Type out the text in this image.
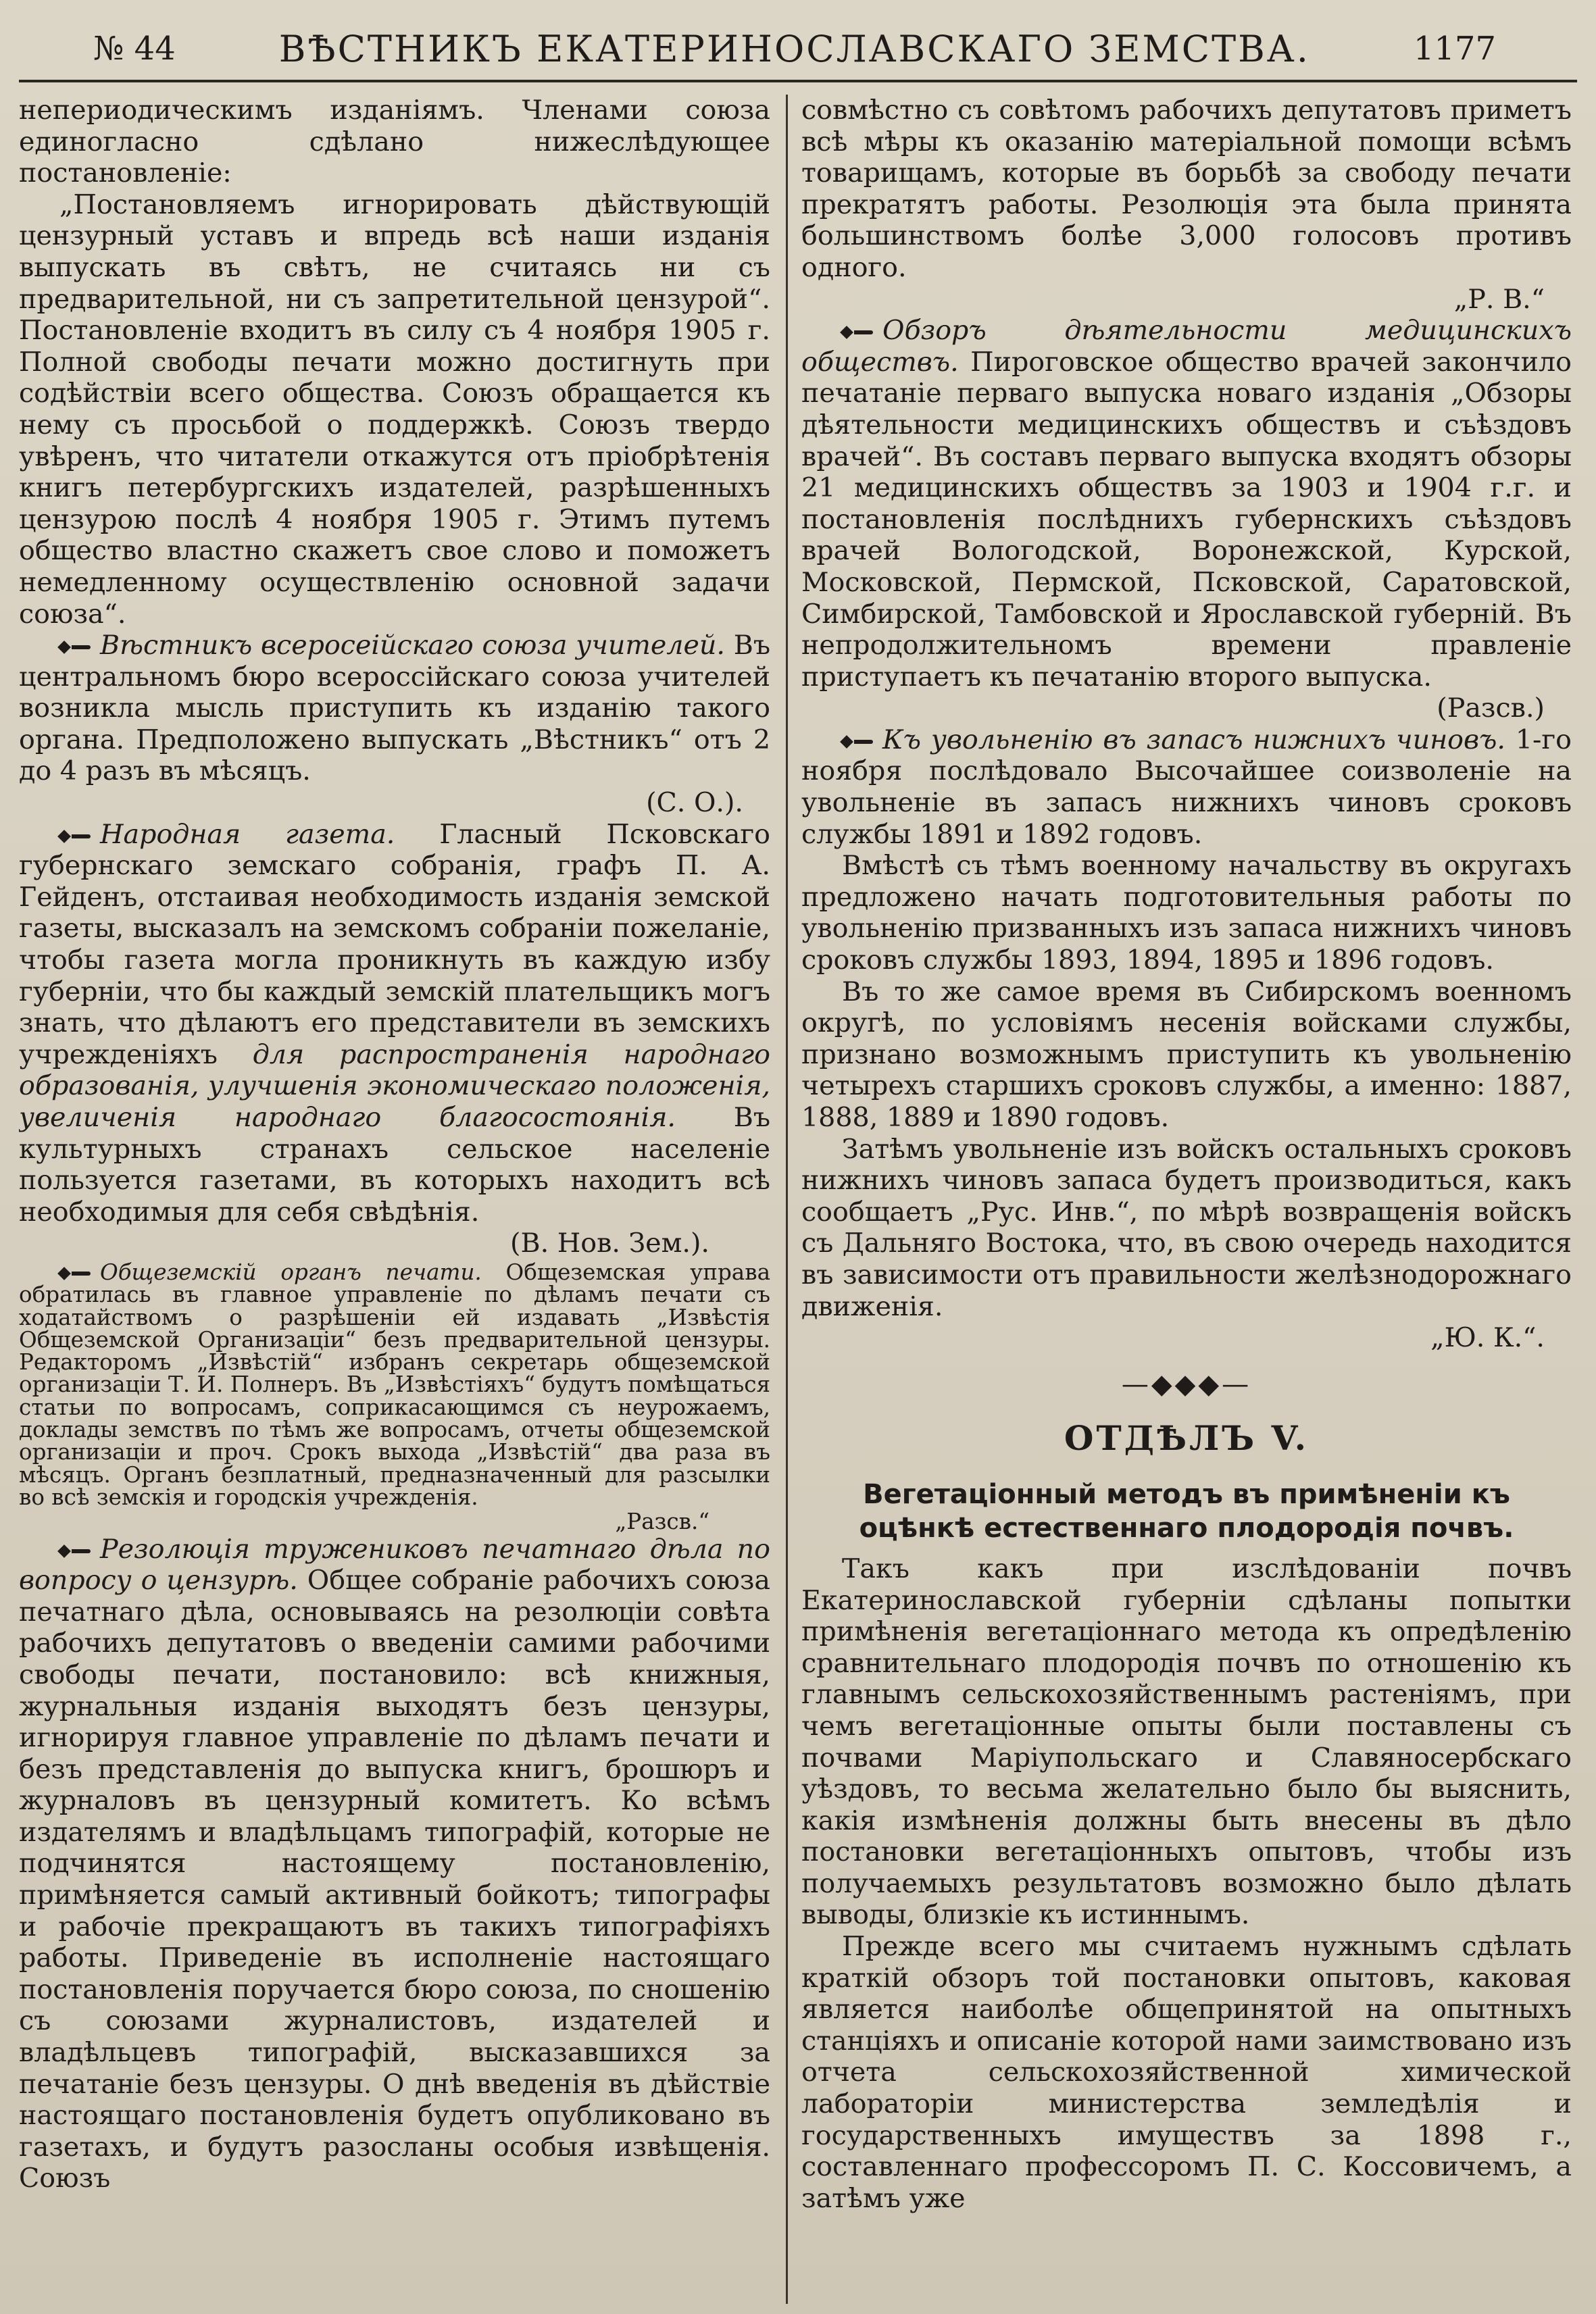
№ 44	ВѢСТНИКЪ ЕКАТЕРИНОСЛАВСКАГО ЗЕМСТВА.	1177

непериодическимъ изданіямъ. Членами союза единогласно сдѣлано нижеслѣдующее постановленіе:

„Постановляемъ игнорировать дѣйствующій цензурный уставъ и впредь всѣ наши изданія выпускать въ свѣтъ, не считаясь ни съ предварительной, ни съ запретительной цензурой“. Постановленіе входитъ въ силу съ 4 ноября 1905 г. Полной свободы печати можно достигнуть при содѣйствіи всего общества. Союзъ обращается къ нему съ просьбой о поддержкѣ. Союзъ твердо увѣренъ, что читатели откажутся отъ пріобрѣтенія книгъ петербургскихъ издателей, разрѣшенныхъ цензурою послѣ 4 ноября 1905 г. Этимъ путемъ общество властно скажетъ свое слово и поможетъ немедленному осуществленію основной задачи союза“.

Вѣстникъ всеросеійскаго союза учителей. Въ центральномъ бюро всероссійскаго союза учителей возникла мысль приступить къ изданію такого органа. Предположено выпускать „Вѣстникъ“ отъ 2 до 4 разъ въ мѣсяцъ.

(С. О.).

Народная газета. Гласный Псковскаго губернскаго земскаго собранія, графъ П. А. Гейденъ, отстаивая необходимость изданія земской газеты, высказалъ на земскомъ собраніи пожеланіе, чтобы газета могла проникнуть въ каждую избу губерніи, что бы каждый земскій плательщикъ могъ знать, что дѣлаютъ его представители въ земскихъ учрежденіяхъ для распространенія народнаго образованія, улучшенія экономическаго положенія, увеличенія народнаго благосостоянія. Въ культурныхъ странахъ сельское населеніе пользуется газетами, въ которыхъ находитъ всѣ необходимыя для себя свѣдѣнія.

(В. Нов. Зем.).

Общеземскій органъ печати. Общеземская управа обратилась въ главное управленіе по дѣламъ печати съ ходатайствомъ о разрѣшеніи ей издавать „Извѣстія Общеземской Организаціи“ безъ предварительной цензуры. Редакторомъ „Извѣстій“ избранъ секретарь общеземской организаціи Т. И. Полнеръ. Въ „Извѣстіяхъ“ будутъ помѣщаться статьи по вопросамъ, соприкасающимся съ неурожаемъ, доклады земствъ по тѣмъ же вопросамъ, отчеты общеземской организаціи и проч. Срокъ выхода „Извѣстій“ два раза въ мѣсяцъ. Органъ безплатный, предназначенный для разсылки во всѣ земскія и городскія учрежденія.

„Разсв.“

Резолюція тружениковъ печатнаго дѣла по вопросу о цензурѣ. Общее собраніе рабочихъ союза печатнаго дѣла, основываясь на резолюціи совѣта рабочихъ депутатовъ о введеніи самими рабочими свободы печати, постановило: всѣ книжныя, журнальныя изданія выходятъ безъ цензуры, игнорируя главное управленіе по дѣламъ печати и безъ представленія до выпуска книгъ, брошюръ и журналовъ въ цензурный комитетъ. Ко всѣмъ издателямъ и владѣльцамъ типографій, которые не подчинятся настоящему постановленію, примѣняется самый активный бойкотъ; типографы и рабочіе прекращаютъ въ такихъ типографіяхъ работы. Приведеніе въ исполненіе настоящаго постановленія поручается бюро союза, по сношенію съ союзами журналистовъ, издателей и владѣльцевъ типографій, высказавшихся за печатаніе безъ цензуры. О днѣ введенія въ дѣйствіе настоящаго постановленія будетъ опубликовано въ газетахъ, и будутъ разосланы особыя извѣщенія. Союзъ

совмѣстно съ совѣтомъ рабочихъ депутатовъ приметъ всѣ мѣры къ оказанію матеріальной помощи всѣмъ товарищамъ, которые въ борьбѣ за свободу печати прекратятъ работы. Резолюція эта была принята большинствомъ болѣе 3,000 голосовъ противъ одного.

„Р. В.“

Обзоръ дѣятельности медицинскихъ обществъ. Пироговское общество врачей закончило печатаніе перваго выпуска новаго изданія „Обзоры дѣятельности медицинскихъ обществъ и съѣздовъ врачей“. Въ составъ перваго выпуска входятъ обзоры 21 медицинскихъ обществъ за 1903 и 1904 г.г. и постановленія послѣднихъ губернскихъ съѣздовъ врачей Вологодской, Воронежской, Курской, Московской, Пермской, Псковской, Саратовской, Симбирской, Тамбовской и Ярославской губерній. Въ непродолжительномъ времени правленіе приступаетъ къ печатанію второго выпуска.

(Разсв.)

Къ увольненію въ запасъ нижнихъ чиновъ. 1-го ноября послѣдовало Высочайшее соизволеніе на увольненіе въ запасъ нижнихъ чиновъ сроковъ службы 1891 и 1892 годовъ.

Вмѣстѣ съ тѣмъ военному начальству въ округахъ предложено начать подготовительныя работы по увольненію призванныхъ изъ запаса нижнихъ чиновъ сроковъ службы 1893, 1894, 1895 и 1896 годовъ.

Въ то же самое время въ Сибирскомъ военномъ округѣ, по условіямъ несенія войсками службы, признано возможнымъ приступить къ увольненію четырехъ старшихъ сроковъ службы, а именно: 1887, 1888, 1889 и 1890 годовъ.

Затѣмъ увольненіе изъ войскъ остальныхъ сроковъ нижнихъ чиновъ запаса будетъ производиться, какъ сообщаетъ „Рус. Инв.“, по мѣрѣ возвращенія войскъ съ Дальняго Востока, что, въ свою очередь находится въ зависимости отъ правильности желѣзнодорожнаго движенія.

„Ю. К.“.

—◆◆◆—
ОТДѢЛЪ V.
Вегетаціонный методъ въ примѣненіи къ оцѣнкѣ естественнаго плодородія почвъ.

Такъ какъ при изслѣдованіи почвъ Екатеринославской губерніи сдѣланы попытки примѣненія вегетаціоннаго метода къ опредѣленію сравнительнаго плодородія почвъ по отношенію къ главнымъ сельскохозяйственнымъ растеніямъ, при чемъ вегетаціонные опыты были поставлены съ почвами Маріупольскаго и Славяносербскаго уѣздовъ, то весьма желательно было бы выяснить, какія измѣненія должны быть внесены въ дѣло постановки вегетаціонныхъ опытовъ, чтобы изъ получаемыхъ результатовъ возможно было дѣлать выводы, близкіе къ истиннымъ.

Прежде всего мы считаемъ нужнымъ сдѣлать краткій обзоръ той постановки опытовъ, каковая является наиболѣе общепринятой на опытныхъ станціяхъ и описаніе которой нами заимствовано изъ отчета сельскохозяйственной химической лабораторіи министерства земледѣлія и государственныхъ имуществъ за 1898 г., составленнаго профессоромъ П. С. Коссовичемъ, а затѣмъ уже
